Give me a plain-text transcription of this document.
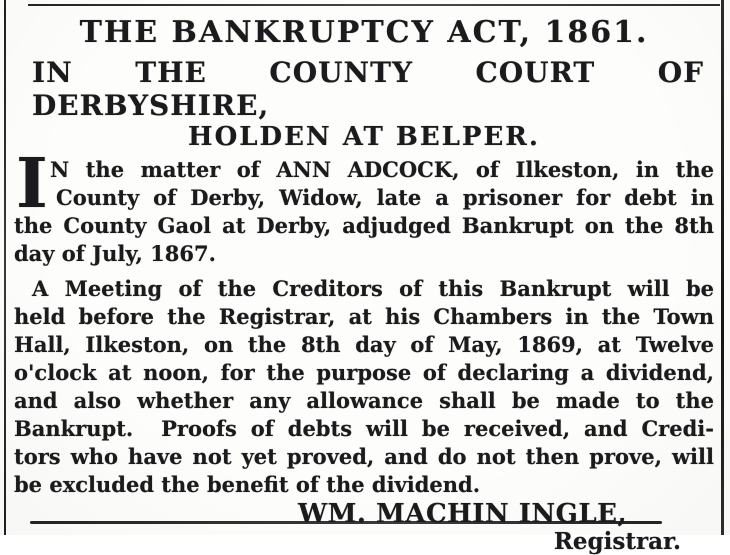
THE BANKRUPTCY ACT, 1861.
IN THE COUNTY COURT OF DERBYSHIRE,
HOLDEN AT BELPER.
I N the matter of ANN ADCOCK, of Ilkeston, in the
County of Derby, Widow, late a prisoner for debt in
the County Gaol at Derby, adjudged Bankrupt on the 8th
day of July, 1867.
A Meeting of the Creditors of this Bankrupt will be
held before the Registrar, at his Chambers in the Town
Hall, Ilkeston, on the 8th day of May, 1869, at Twelve
o'clock at noon, for the purpose of declaring a dividend,
and also whether any allowance shall be made to the
Bankrupt.  Proofs of debts will be received, and Credi-
tors who have not yet proved, and do not then prove, will
be excluded the benefit of the dividend.
WM. MACHIN INGLE,
Registrar.
